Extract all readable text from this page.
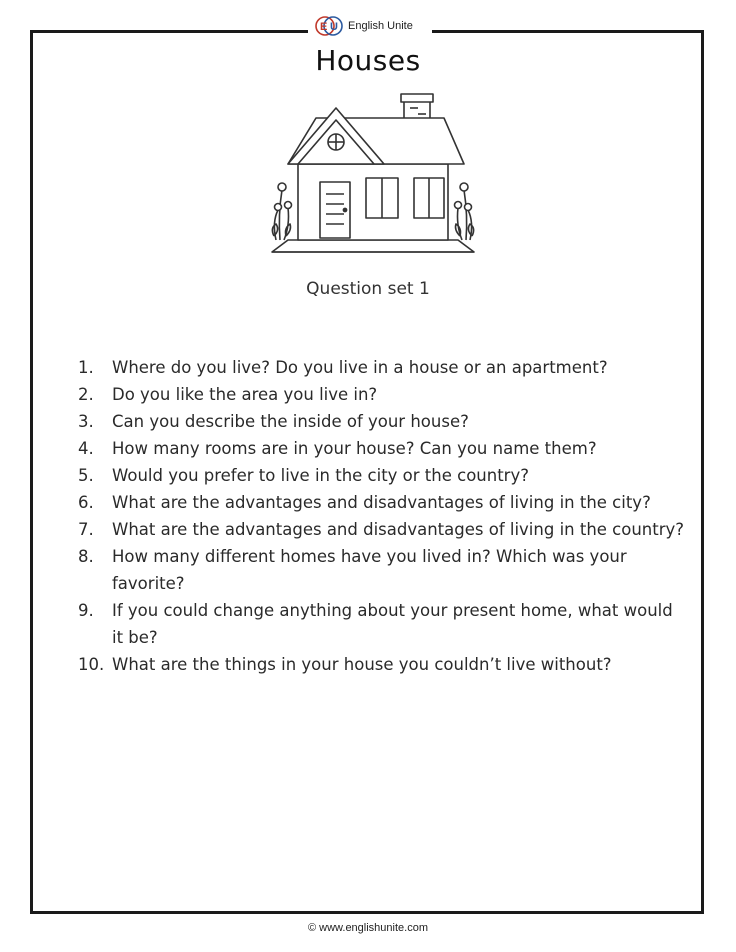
E U English Unite
Houses
Question set 1
1.	Where do you live? Do you live in a house or an apartment?
2.	Do you like the area you live in?
3.	Can you describe the inside of your house?
4.	How many rooms are in your house? Can you name them?
5.	Would you prefer to live in the city or the country?
6.	What are the advantages and disadvantages of living in the city?
7.	What are the advantages and disadvantages of living in the country?
8.	How many different homes have you lived in? Which was your favorite?
9.	If you could change anything about your present home, what would it be?
10. What are the things in your house you couldn’t live without?
© www.englishunite.com
